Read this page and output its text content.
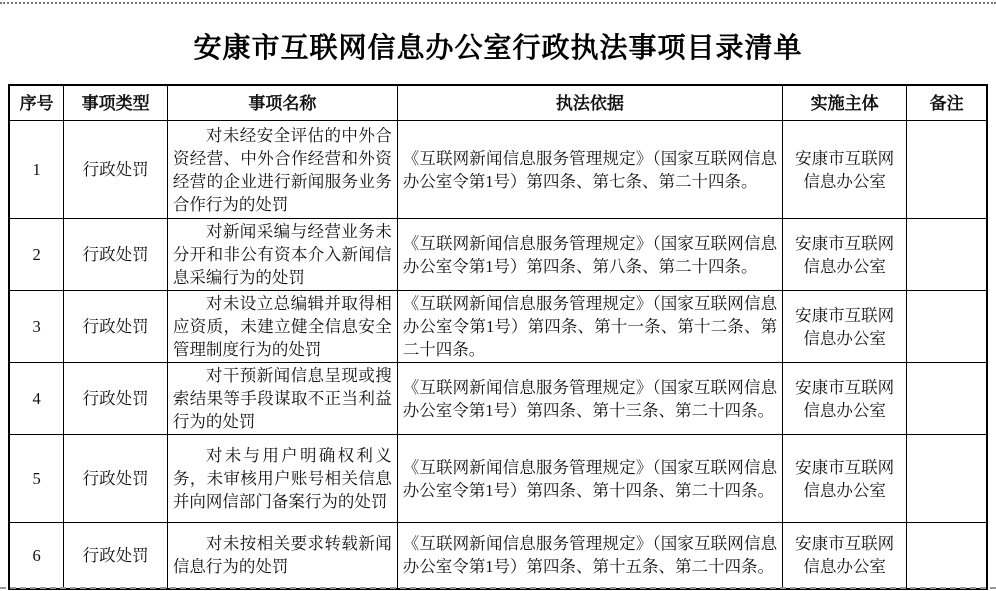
安康市互联网信息办公室行政执法事项目录清单
序号	事项类型	事项名称	执法依据	实施主体	备注
1	行政处罚	对未经安全评估的中外合资经营、中外合作经营和外资经营的企业进行新闻服务业务合作行为的处罚	《互联网新闻信息服务管理规定》（国家互联网信息办公室令第1号）第四条、第七条、第二十四条。	安康市互联网信息办公室	
2	行政处罚	对新闻采编与经营业务未分开和非公有资本介入新闻信息采编行为的处罚	《互联网新闻信息服务管理规定》（国家互联网信息办公室令第1号）第四条、第八条、第二十四条。	安康市互联网信息办公室	
3	行政处罚	对未设立总编辑并取得相应资质，未建立健全信息安全管理制度行为的处罚	《互联网新闻信息服务管理规定》（国家互联网信息办公室令第1号）第四条、第十一条、第十二条、第二十四条。	安康市互联网信息办公室	
4	行政处罚	对干预新闻信息呈现或搜索结果等手段谋取不正当利益行为的处罚	《互联网新闻信息服务管理规定》（国家互联网信息办公室令第1号）第四条、第十三条、第二十四条。	安康市互联网信息办公室	
5	行政处罚	对未与用户明确权利义务，未审核用户账号相关信息并向网信部门备案行为的处罚	《互联网新闻信息服务管理规定》（国家互联网信息办公室令第1号）第四条、第十四条、第二十四条。	安康市互联网信息办公室	
6	行政处罚	对未按相关要求转载新闻信息行为的处罚	《互联网新闻信息服务管理规定》（国家互联网信息办公室令第1号）第四条、第十五条、第二十四条。	安康市互联网信息办公室	
